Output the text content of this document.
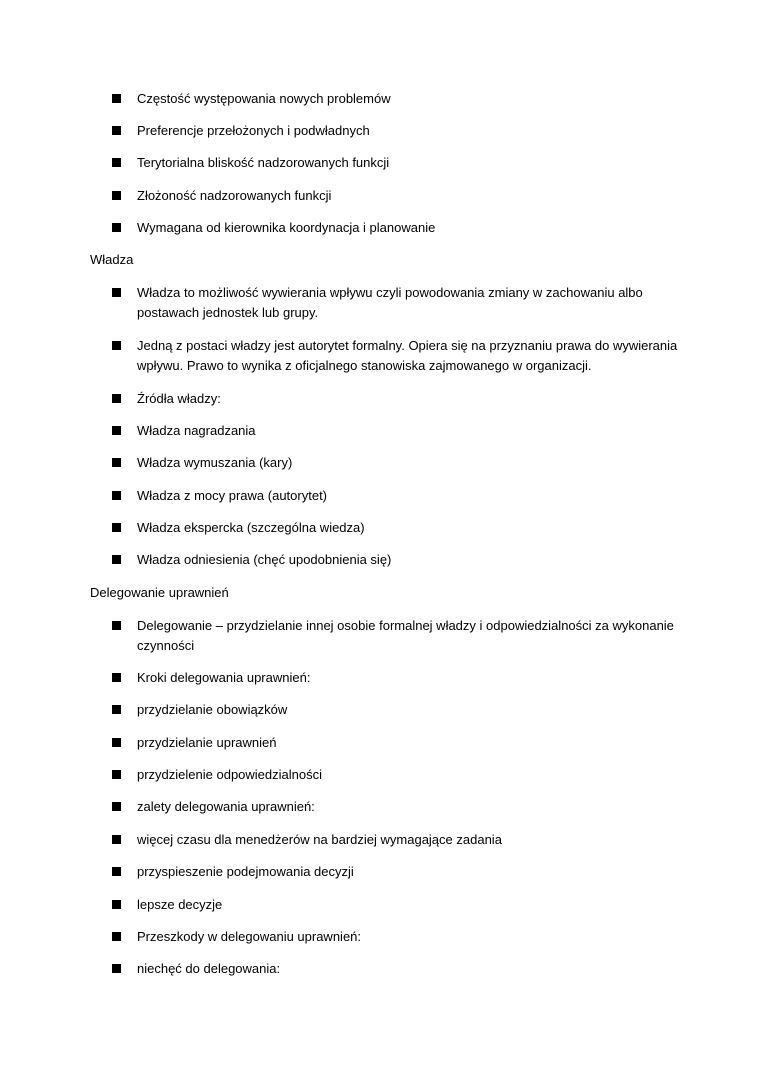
Częstość występowania nowych problemów
Preferencje przełożonych i podwładnych
Terytorialna bliskość nadzorowanych funkcji
Złożoność nadzorowanych funkcji
Wymagana od kierownika koordynacja i planowanie
Władza
Władza to możliwość wywierania wpływu czyli powodowania zmiany w zachowaniu albo postawach jednostek lub grupy.
Jedną z postaci władzy jest autorytet formalny. Opiera się na przyznaniu prawa do wywierania wpływu. Prawo to wynika z oficjalnego stanowiska zajmowanego w organizacji.
Źródła władzy:
Władza nagradzania
Władza wymuszania (kary)
Władza z mocy prawa (autorytet)
Władza ekspercka (szczególna wiedza)
Władza odniesienia (chęć upodobnienia się)
Delegowanie uprawnień
Delegowanie – przydzielanie innej osobie formalnej władzy i odpowiedzialności za wykonanie czynności
Kroki delegowania uprawnień:
przydzielanie obowiązków
przydzielanie uprawnień
przydzielenie odpowiedzialności
zalety delegowania uprawnień:
więcej czasu dla menedżerów na bardziej wymagające zadania
przyspieszenie podejmowania decyzji
lepsze decyzje
Przeszkody w delegowaniu uprawnień:
niechęć do delegowania:
